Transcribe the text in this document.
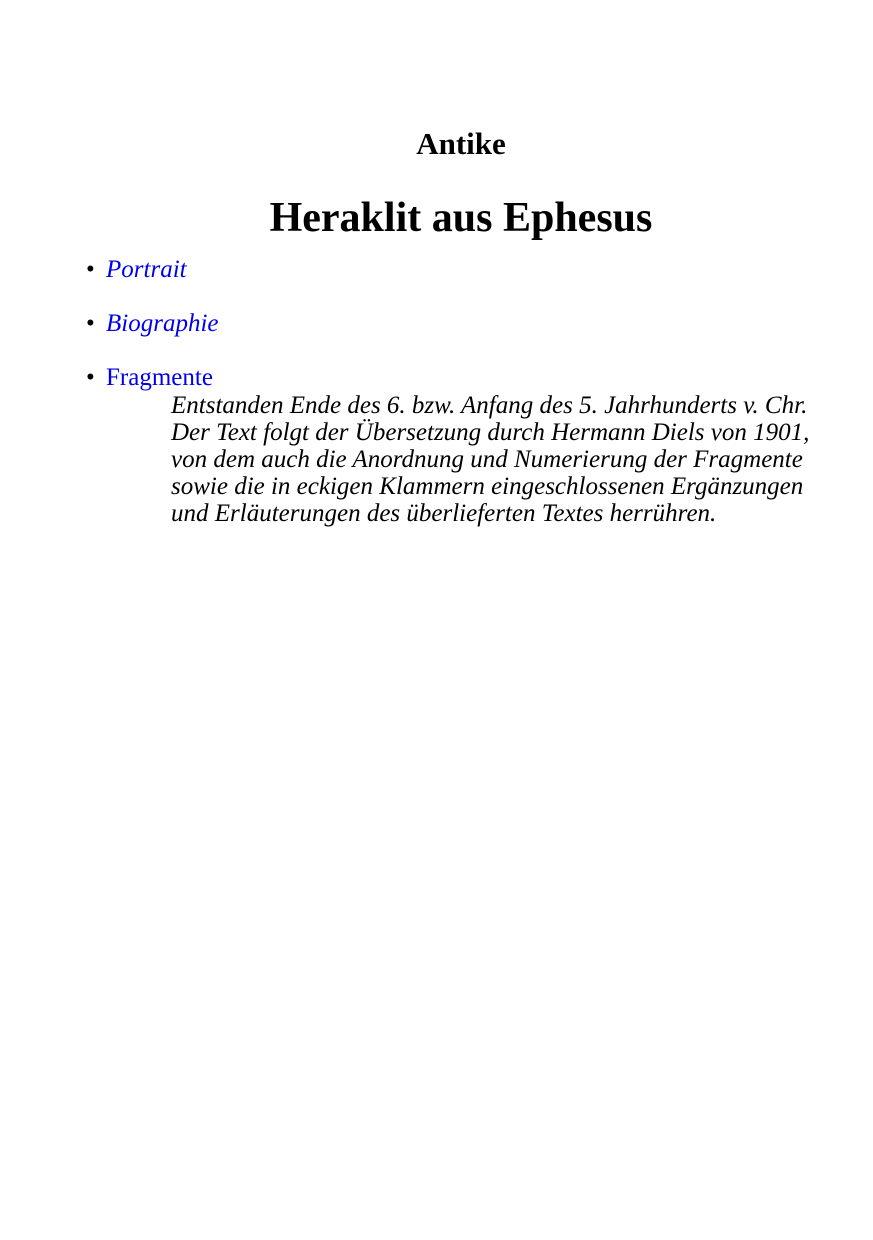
Antike
Heraklit aus Ephesus
• Portrait
• Biographie
• Fragmente

Entstanden Ende des 6. bzw. Anfang des 5. Jahrhunderts v. Chr. Der Text folgt der Übersetzung durch Hermann Diels von 1901, von dem auch die Anordnung und Numerierung der Fragmente sowie die in eckigen Klammern eingeschlossenen Ergänzungen und Erläuterungen des überlieferten Textes herrühren.
